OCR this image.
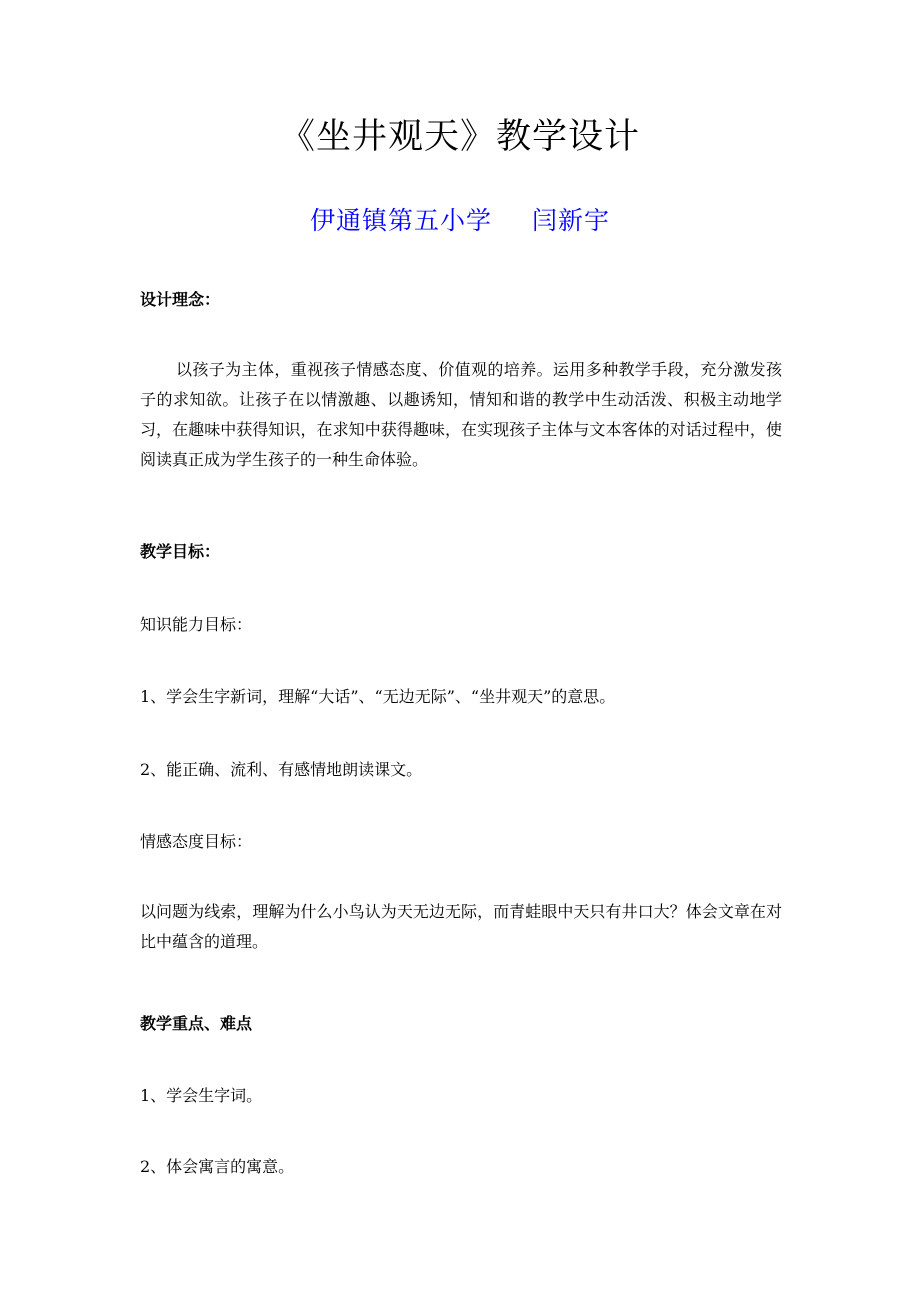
《坐井观天》教学设计
伊通镇第五小学 闫新宇
设计理念：
以孩子为主体，重视孩子情感态度、价值观的培养。运用多种教学手段，充分激发孩子的求知欲。让孩子在以情激趣、以趣诱知，情知和谐的教学中生动活泼、积极主动地学习，在趣味中获得知识，在求知中获得趣味，在实现孩子主体与文本客体的对话过程中，使阅读真正成为学生孩子的一种生命体验。
教学目标：
知识能力目标：
1、学会生字新词，理解“大话”、“无边无际”、“坐井观天”的意思。
2、能正确、流利、有感情地朗读课文。
情感态度目标：
以问题为线索，理解为什么小鸟认为天无边无际，而青蛙眼中天只有井口大？体会文章在对比中蕴含的道理。
教学重点、难点
1、学会生字词。
2、体会寓言的寓意。
